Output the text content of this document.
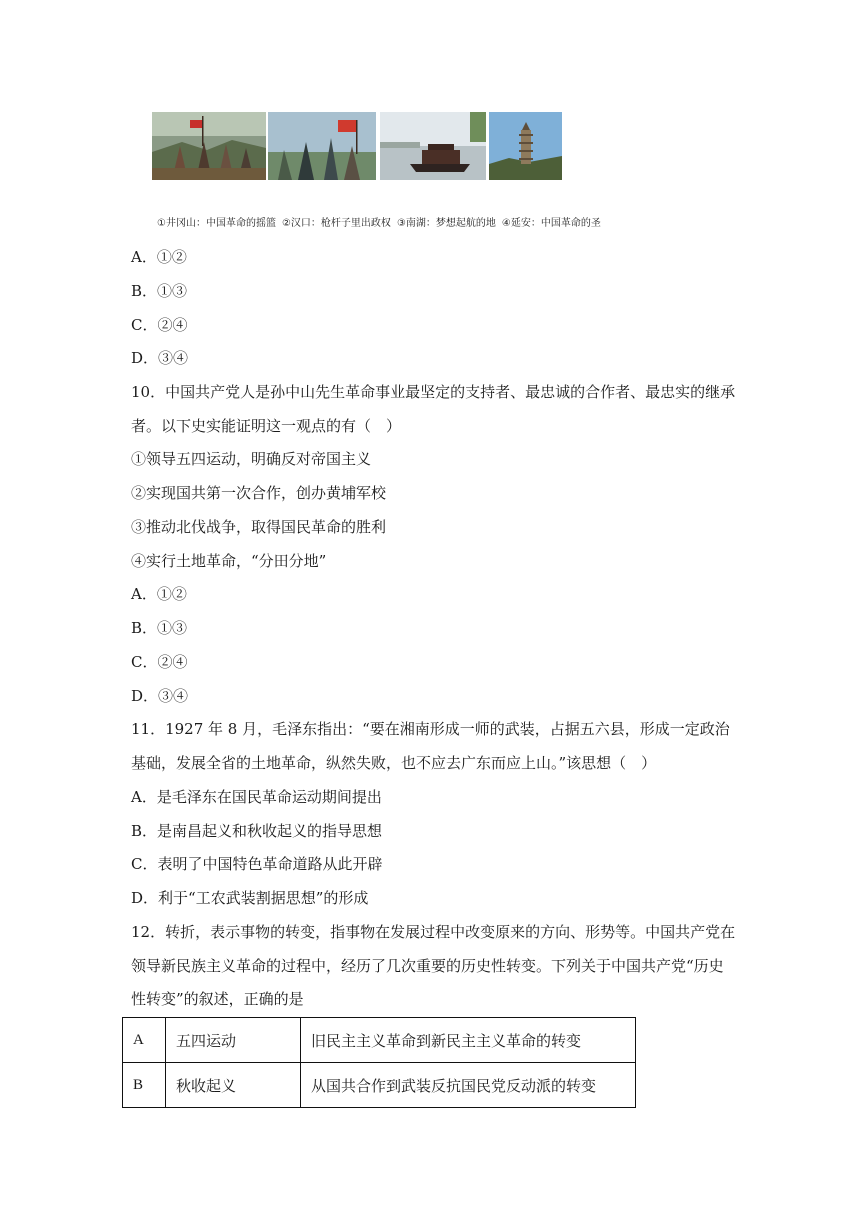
①井冈山：中国革命的摇篮 ②汉口：枪杆子里出政权 ③南湖：梦想起航的地 ④延安：中国革命的圣
A．①②
B．①③
C．②④
D．③④
10．中国共产党人是孙中山先生革命事业最坚定的支持者、最忠诚的合作者、最忠实的继承
者。以下史实能证明这一观点的有（　）
①领导五四运动，明确反对帝国主义
②实现国共第一次合作，创办黄埔军校
③推动北伐战争，取得国民革命的胜利
④实行土地革命，“分田分地”
A．①②
B．①③
C．②④
D．③④
11．1927 年 8 月，毛泽东指出：“要在湘南形成一师的武装，占据五六县，形成一定政治
基础，发展全省的土地革命，纵然失败，也不应去广东而应上山。”该思想（　）
A．是毛泽东在国民革命运动期间提出
B．是南昌起义和秋收起义的指导思想
C．表明了中国特色革命道路从此开辟
D．利于“工农武装割据思想”的形成
12．转折，表示事物的转变，指事物在发展过程中改变原来的方向、形势等。中国共产党在
领导新民族主义革命的过程中，经历了几次重要的历史性转变。下列关于中国共产党“历史
性转变”的叙述，正确的是
A	五四运动	旧民主主义革命到新民主主义革命的转变
B	秋收起义	从国共合作到武装反抗国民党反动派的转变
